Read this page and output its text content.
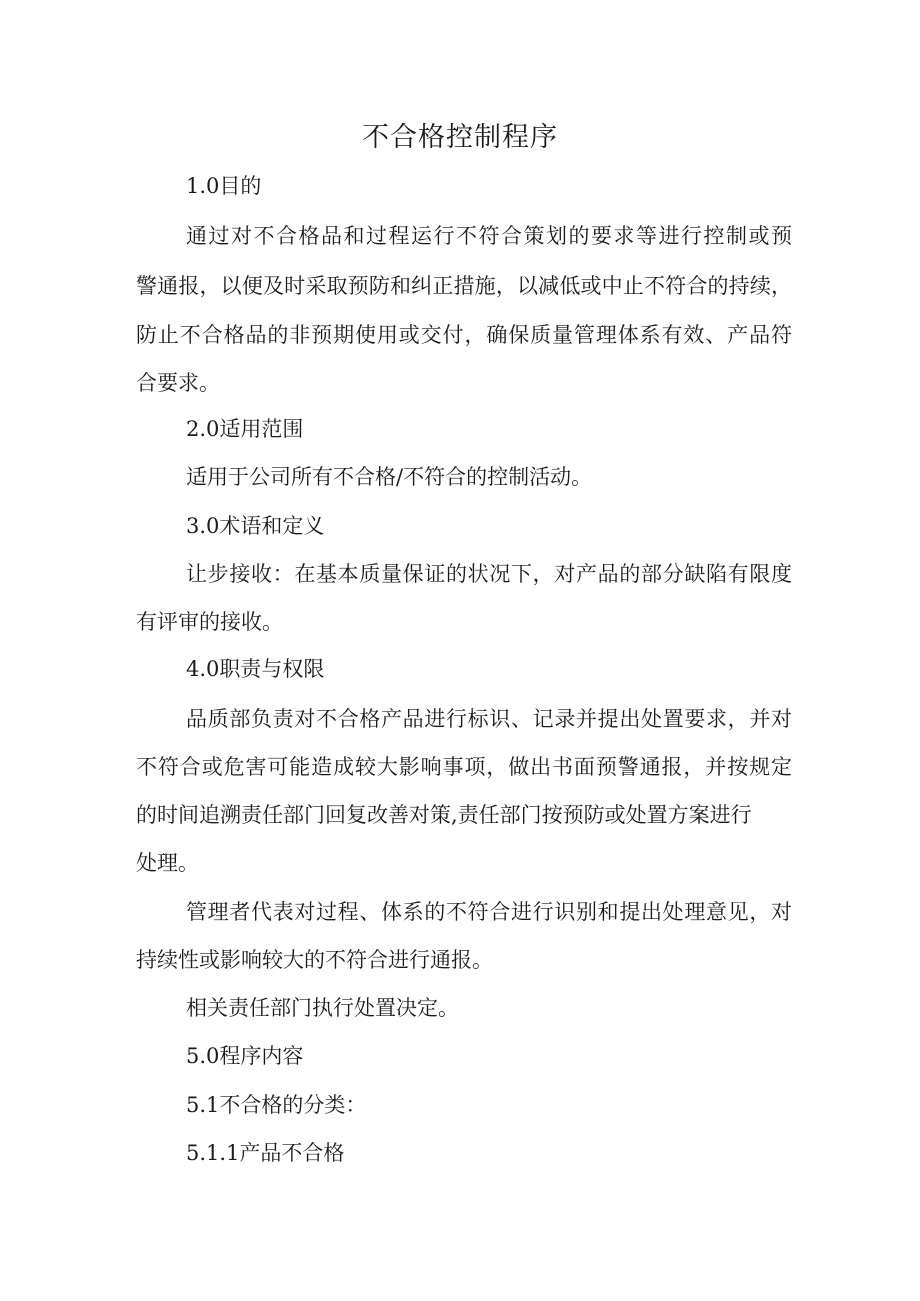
不合格控制程序
1.0目的
通过对不合格品和过程运行不符合策划的要求等进行控制或预
警通报，以便及时采取预防和纠正措施，以减低或中止不符合的持续，
防止不合格品的非预期使用或交付，确保质量管理体系有效、产品符
合要求。
2.0适用范围
适用于公司所有不合格/不符合的控制活动。
3.0术语和定义
让步接收：在基本质量保证的状况下，对产品的部分缺陷有限度
有评审的接收。
4.0职责与权限
品质部负责对不合格产品进行标识、记录并提出处置要求，并对
不符合或危害可能造成较大影响事项，做出书面预警通报，并按规定
的时间追溯责任部门回复改善对策,责任部门按预防或处置方案进行
处理。
管理者代表对过程、体系的不符合进行识别和提出处理意见，对
持续性或影响较大的不符合进行通报。
相关责任部门执行处置决定。
5.0程序内容
5.1不合格的分类：
5.1.1产品不合格
